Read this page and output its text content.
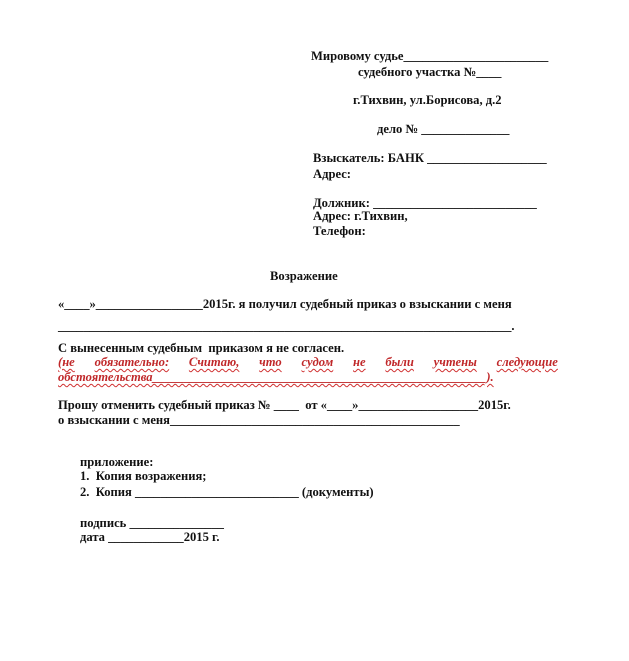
Мировому судье_______________________
судебного участка №____
г.Тихвин, ул.Борисова, д.2
дело № ______________
Взыскатель: БАНК ___________________
Адрес:
Должник: __________________________
Адрес: г.Тихвин,
Телефон:
Возражение
«____»_________________2015г. я получил судебный приказ о взыскании с меня
________________________________________________________________________.
С вынесенным судебным  приказом я не согласен.
(не обязательно: Считаю, что судом не были учтены следующие
обстоятельства_____________________________________________________).
Прошу отменить судебный приказ № ____  от «____»___________________2015г.
о взыскании с меня______________________________________________
приложение:
1.  Копия возражения;
2.  Копия __________________________ (документы)
подпись _______________
дата ____________2015 г.
